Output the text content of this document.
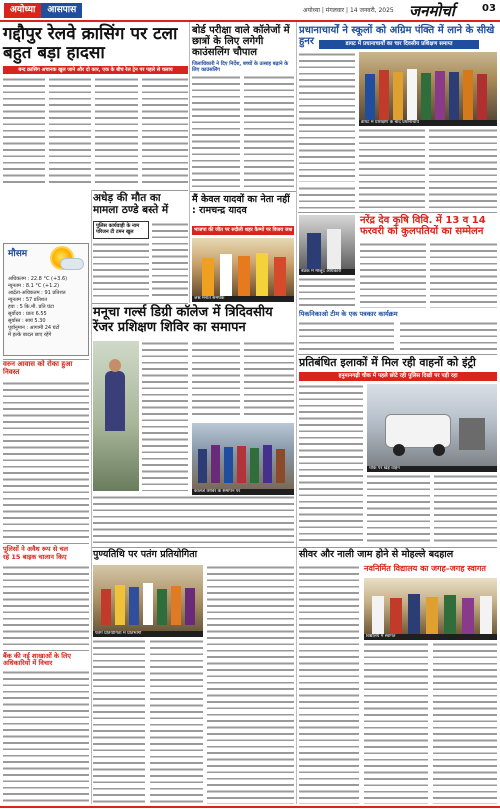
अयोध्या	आसपास	अयोध्या | मंगलवार | 14 जनवरी, 2025 जनमोर्चा	03
गद्दौपुर रेलवे क्रासिंग पर टला बहुत बड़ा हादसा
बन्द क्रासिंग अचानक खुल जाने और दो कार, एक के बीच रेल ट्रेन पर पहले से चलाय
अधेड़ की मौत का मामला ठण्डे बस्ते में
पुलिस कार्यवाही के नाम परिजन टी टमन खुल
मौसम
अधिकतम : 22.8 °C (+3.6)
न्यूनतम : 8.1 °C (+1.2)
आर्द्रता-अधिकतम : 91 प्रतिशत
न्यूनतम : 57 प्रतिशत
हवा : 5 कि.मी. प्रति घंटा
सूर्योदय : प्रातः 6.55
सूर्यास्त : सायं 5.30
पूर्वानुमान : आगामी 24 घंटों
में हल्के बादल छाए रहेंगे
वरुन आवास को रोका हुआ निवस्त
पुलिसों ने अवैध रूप से चल
रहे 15 बाइक चालान किए
बैंक की नई शाखाओं के लिए अधिकारियों में विचार
मनूचा गर्ल्स डिग्री कॉलेज में त्रिदिवसीय रेंजर प्रशिक्षण शिविर का समापन
कॉलेज शिविर के समापन पर
पुण्यतिथि पर पतंग प्रतियोगिता
पतंग प्रतियोगिता में प्रतिभागी
बोर्ड परीक्षा वाले कॉलेजों में छात्रों के लिए लगेगी काउंसलिंग चौपाल
जिलाधिकारी ने दिए निर्देश, बच्चों के उत्साह बढ़ाने के लिए काउंसलिंग
मैं केवल यादवों का नेता नहीं : रामचन्द्र यादव
भाजपा की जीत पर रुदौली शहर कैम्पों पर विजय जश्न
जश्न मनाते समर्थक
प्रधानाचार्यों ने स्कूलों को अग्रिम पंक्ति में लाने के सीखे हुनर	डायट में प्रधानाचार्यों का चार दिवसीय प्रशिक्षण समाप्त
डायट में प्रशिक्षण के बाद प्रधानाचार्य
नरेंद्र देव कृषि विवि. में 13 व 14 फरवरी को कुलपतियों का सम्मेलन
बैठक में मौजूद अधिकारी
पिकनिकाओ टीम के एक पत्रकार कार्यक्रम
प्रतिबंधित इलाकों में मिल रही वाहनों को इंट्री
हनुमानगढ़ी चौक में पहले छोटे रही पुलिस दिखी पर पड़ी रहा
चौक पर खड़े वाहन
सीवर और नाली जाम होने से मोहल्ले बदहाल
नवनिर्मित विद्यालय का जगह–जगह स्वागत
विद्यालय में स्वागत
